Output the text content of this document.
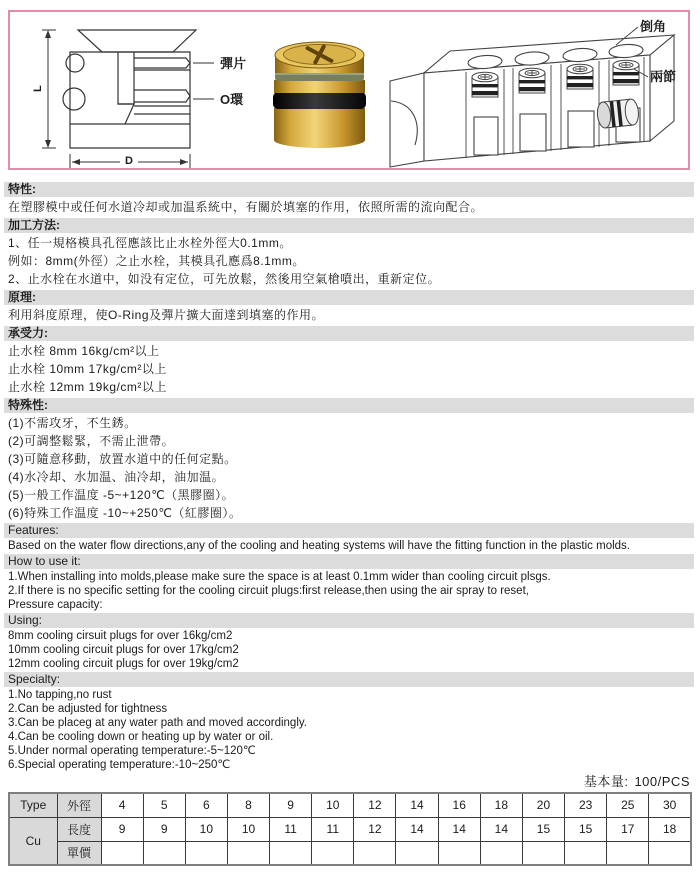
L
D
彈片
O環
倒角
兩節
特性:
在塑膠模中或任何水道冷却或加温系統中，有關於填塞的作用，依照所需的流向配合。
加工方法:
1、任一規格模具孔徑應該比止水栓外徑大0.1mm。
例如：8mm(外徑）之止水栓，其模具孔應爲8.1mm。
2、止水栓在水道中，如没有定位，可先放鬆，然後用空氣槍噴出，重新定位。
原理:
利用斜度原理，使O-Ring及彈片擴大面達到填塞的作用。
承受力:
止水栓 8mm 16kg/cm²以上
止水栓 10mm 17kg/cm²以上
止水栓 12mm 19kg/cm²以上
特殊性:
(1)不需攻牙，不生銹。
(2)可調整鬆緊，不需止泄帶。
(3)可隨意移動，放置水道中的任何定點。
(4)水冷却、水加温、油冷却，油加温。
(5)一般工作温度 -5~+120℃（黑膠圈）。
(6)特殊工作温度 -10~+250℃（紅膠圈）。
Features:
Based on the water flow directions,any of the cooling and heating systems will have the fitting function in the plastic molds.
How to use it:
1.When installing into molds,please make sure the space is at least 0.1mm wider than cooling circuit plsgs.
2.If there is no specific setting for the cooling circuit plugs:first release,then using the air spray to reset,
Pressure capacity:
Using:
8mm cooling cirsuit plugs for over 16kg/cm2
10mm cooling circuit plugs for over 17kg/cm2
12mm cooling circuit plugs for over 19kg/cm2
Specialty:
1.No tapping,no rust
2.Can be adjusted for tightness
3.Can be placeg at any water path and moved accordingly.
4.Can be cooling down or heating up by water or oil.
5.Under normal operating temperature:-5~120℃
6.Special operating temperature:-10~250℃
基本量: 100/PCS
Type	外徑	4	5	6	8	9	10	12	14	16	18	20	23	25	30
Cu	長度	9	9	10	10	11	11	12	14	14	14	15	15	17	18
	單價														
